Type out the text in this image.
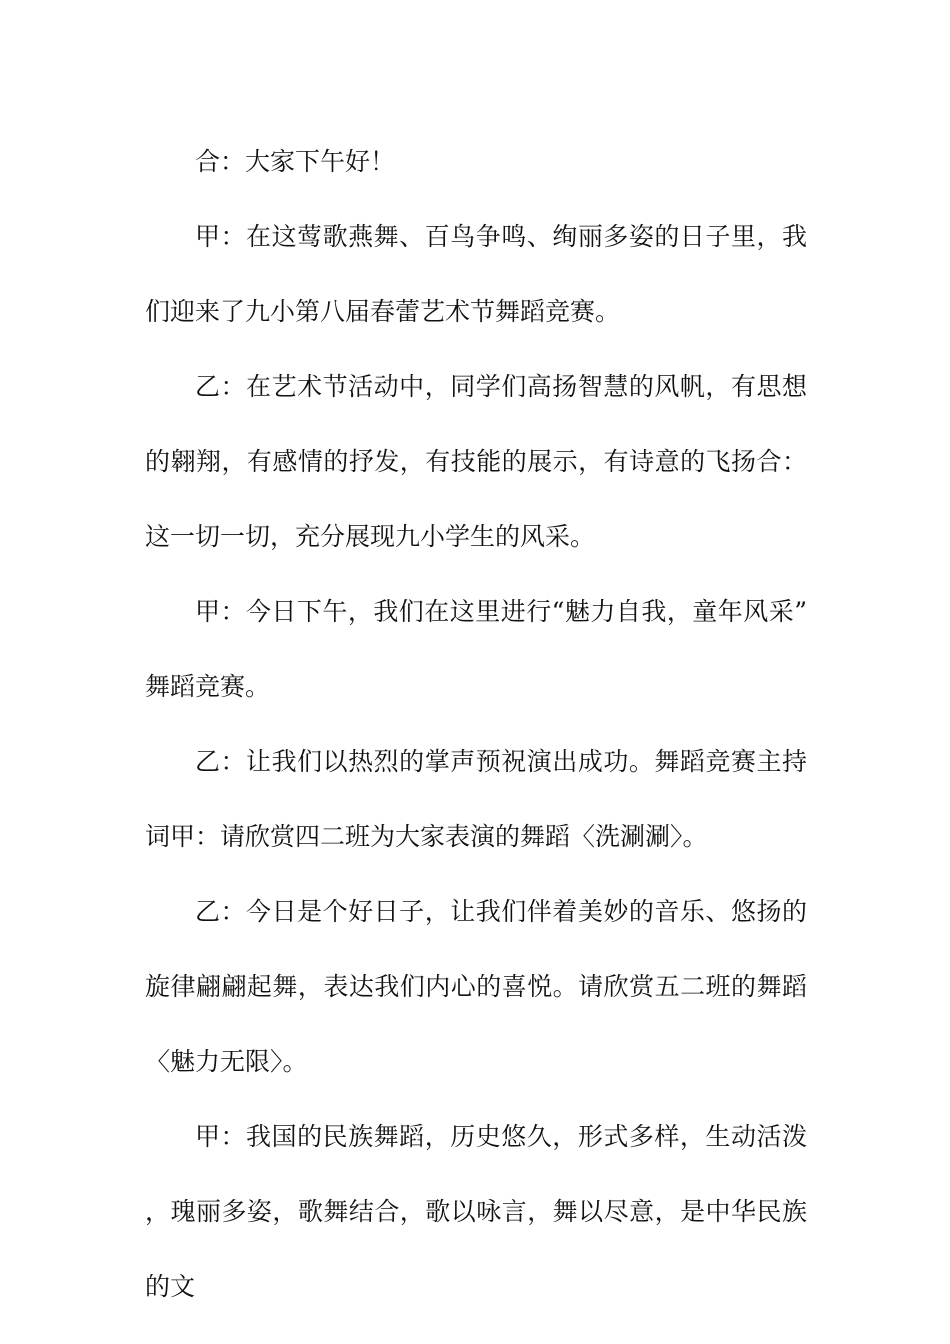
合：大家下午好！

甲：在这莺歌燕舞、百鸟争鸣、绚丽多姿的日子里，我们迎来了九小第八届春蕾艺术节舞蹈竞赛。

乙：在艺术节活动中，同学们高扬智慧的风帆，有思想的翱翔，有感情的抒发，有技能的展示，有诗意的飞扬合：这一切一切，充分展现九小学生的风采。

甲：今日下午，我们在这里进行“魅力自我，童年风采”舞蹈竞赛。

乙：让我们以热烈的掌声预祝演出成功。舞蹈竞赛主持词甲：请欣赏四二班为大家表演的舞蹈〈洗涮涮〉。

乙：今日是个好日子，让我们伴着美妙的音乐、悠扬的旋律翩翩起舞，表达我们内心的喜悦。请欣赏五二班的舞蹈〈魅力无限〉。

甲：我国的民族舞蹈，历史悠久，形式多样，生动活泼，瑰丽多姿，歌舞结合，歌以咏言，舞以尽意，是中华民族的文
